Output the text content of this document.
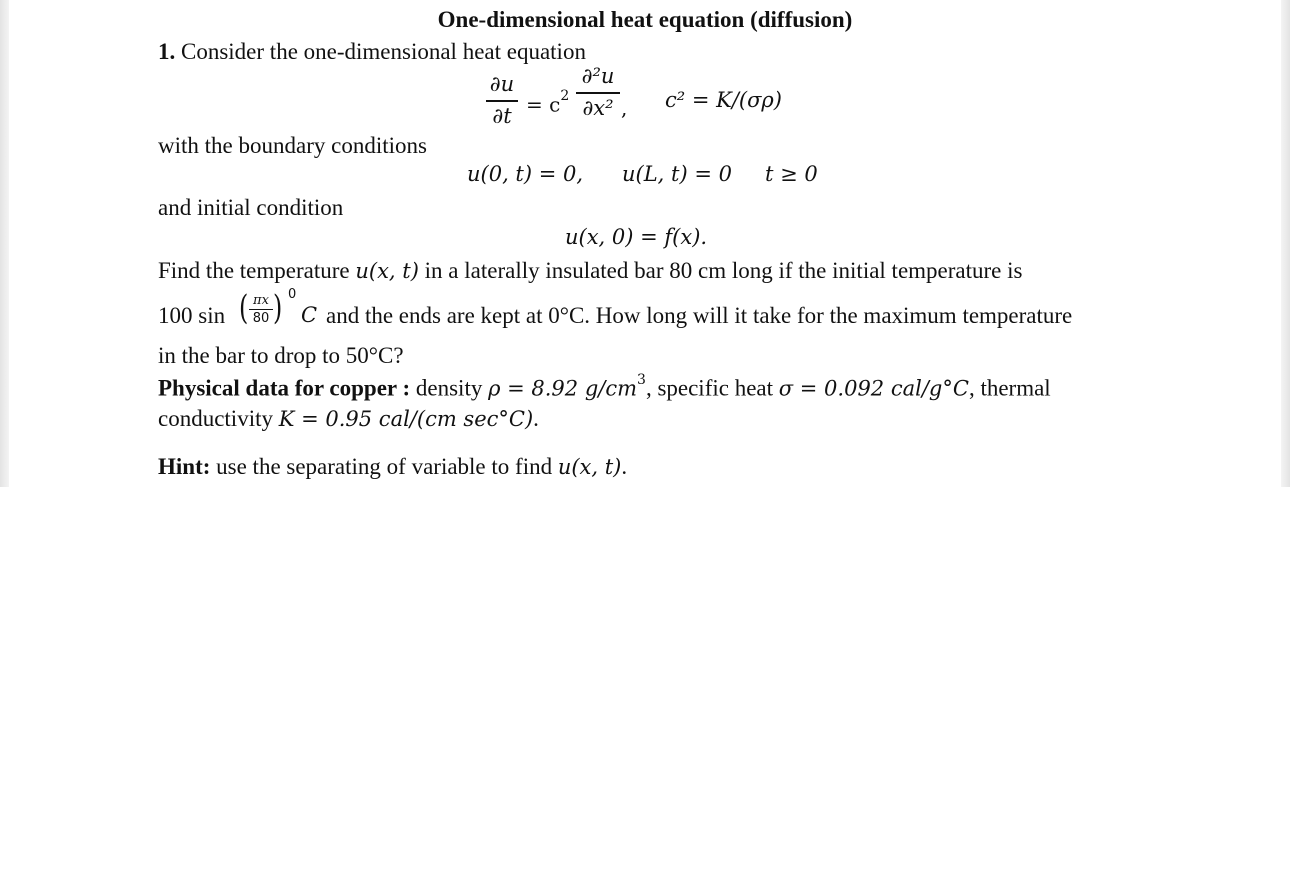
One-dimensional heat equation (diffusion)
1. Consider the one-dimensional heat equation
∂u
$\partial t = c^2$
∂²u
∂x² , c² = K/(σρ)
with the boundary conditions
u(0, t) = 0, u(L, t) = 0 t ≥ 0
and initial condition
u(x, 0) = f(x).
Find the temperature u(x, t) in a laterally insulated bar 80 cm long if the initial temperature is
100 sin ( πx
80 ) 0
C and the ends are kept at 0°C. How long will it take for the maximum temperature
in the bar to drop to 50°C?
Physical data for copper : density ρ = 8.92 $g/cm^3$, specific heat σ = 0.092 cal/g°C, thermal
conductivity K = 0.95 cal/(cm sec°C).
Hint: use the separating of variable to find u(x, t).
